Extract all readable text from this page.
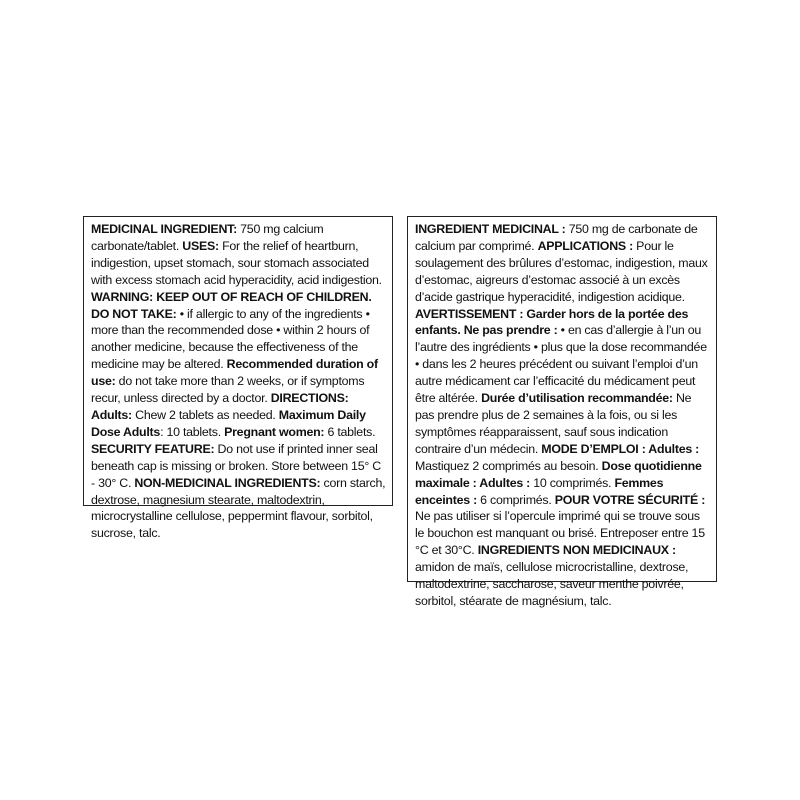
MEDICINAL INGREDIENT: 750 mg calcium carbonate/tablet. USES: For the relief of heartburn, indigestion, upset stomach, sour stomach associated with excess stomach acid hyperacidity, acid indigestion. WARNING: KEEP OUT OF REACH OF CHILDREN. DO NOT TAKE: • if allergic to any of the ingredients • more than the recommended dose • within 2 hours of another medicine, because the effectiveness of the medicine may be altered. Recommended duration of use: do not take more than 2 weeks, or if symptoms recur, unless directed by a doctor. DIRECTIONS: Adults: Chew 2 tablets as needed. Maximum Daily Dose Adults: 10 tablets. Pregnant women: 6 tablets. SECURITY FEATURE: Do not use if printed inner seal beneath cap is missing or broken. Store between 15° C - 30° C. NON-MEDICINAL INGREDIENTS: corn starch, dextrose, magnesium stearate, maltodextrin, microcrystalline cellulose, peppermint flavour, sorbitol, sucrose, talc.
INGREDIENT MEDICINAL : 750 mg de carbonate de calcium par comprimé. APPLICATIONS : Pour le soulagement des brûlures d’estomac, indigestion, maux d’estomac, aigreurs d’estomac associé à un excès d’acide gastrique hyperacidité, indigestion acidique. AVERTISSEMENT : Garder hors de la portée des enfants. Ne pas prendre : • en cas d’allergie à l’un ou l’autre des ingrédients • plus que la dose recommandée • dans les 2 heures précédent ou suivant l’emploi d’un autre médicament car l’efficacité du médicament peut être altérée. Durée d’utilisation recommandée: Ne pas prendre plus de 2 semaines à la fois, ou si les symptômes réapparaissent, sauf sous indication contraire d’un médecin. MODE D’EMPLOI : Adultes : Mastiquez 2 comprimés au besoin. Dose quotidienne maximale : Adultes : 10 comprimés. Femmes enceintes : 6 comprimés. POUR VOTRE SÉCURITÉ : Ne pas utiliser si l’opercule imprimé qui se trouve sous le bouchon est manquant ou brisé. Entreposer entre 15 °C et 30°C. INGREDIENTS NON MEDICINAUX : amidon de maïs, cellulose microcristalline, dextrose, maltodextrine, saccharose, saveur menthe poivrée, sorbitol, stéarate de magnésium, talc.
